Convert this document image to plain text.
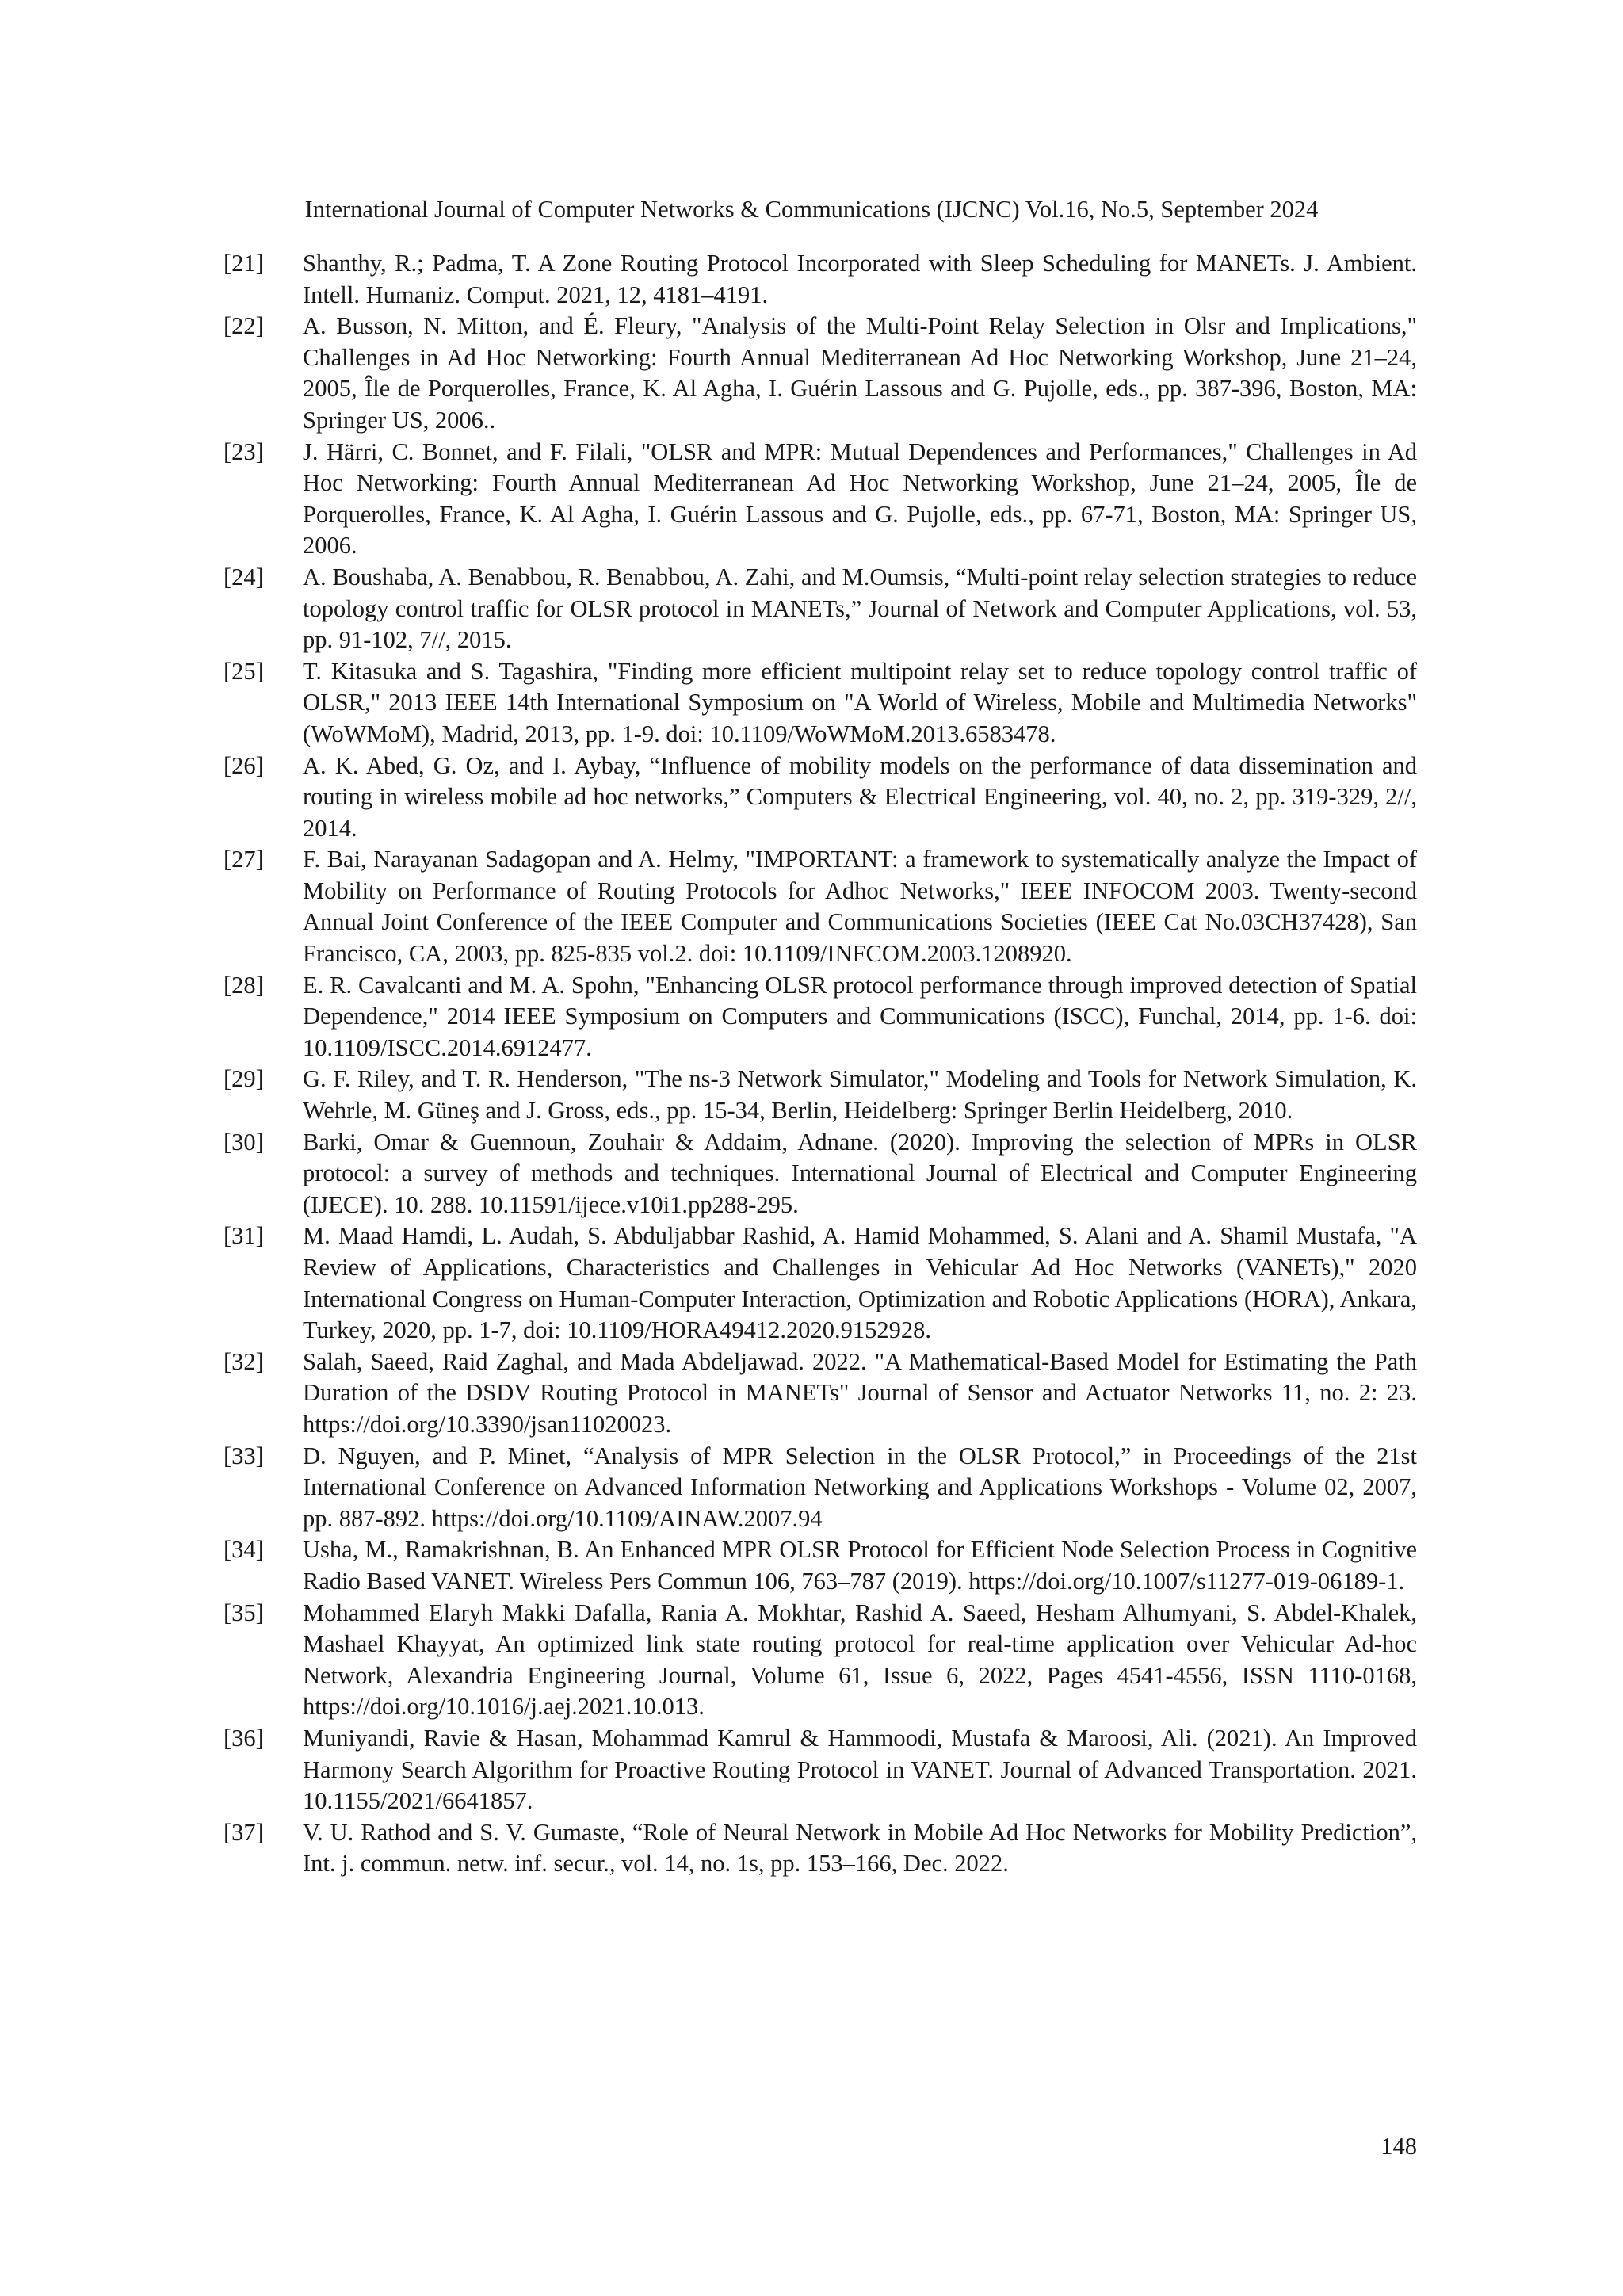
International Journal of Computer Networks & Communications (IJCNC) Vol.16, No.5, September 2024
[21]	Shanthy, R.; Padma, T. A Zone Routing Protocol Incorporated with Sleep Scheduling for MANETs. J. Ambient. Intell. Humaniz. Comput. 2021, 12, 4181–4191.
[22]	A. Busson, N. Mitton, and É. Fleury, "Analysis of the Multi-Point Relay Selection in Olsr and Implications," Challenges in Ad Hoc Networking: Fourth Annual Mediterranean Ad Hoc Networking Workshop, June 21–24, 2005, Île de Porquerolles, France, K. Al Agha, I. Guérin Lassous and G. Pujolle, eds., pp. 387-396, Boston, MA: Springer US, 2006..
[23]	J. Härri, C. Bonnet, and F. Filali, "OLSR and MPR: Mutual Dependences and Performances," Challenges in Ad Hoc Networking: Fourth Annual Mediterranean Ad Hoc Networking Workshop, June 21–24, 2005, Île de Porquerolles, France, K. Al Agha, I. Guérin Lassous and G. Pujolle, eds., pp. 67-71, Boston, MA: Springer US, 2006.
[24]	A. Boushaba, A. Benabbou, R. Benabbou, A. Zahi, and M.Oumsis, “Multi-point relay selection strategies to reduce topology control traffic for OLSR protocol in MANETs,” Journal of Network and Computer Applications, vol. 53, pp. 91-102, 7//, 2015.
[25]	T. Kitasuka and S. Tagashira, "Finding more efficient multipoint relay set to reduce topology control traffic of OLSR," 2013 IEEE 14th International Symposium on "A World of Wireless, Mobile and Multimedia Networks" (WoWMoM), Madrid, 2013, pp. 1-9. doi: 10.1109/WoWMoM.2013.6583478.
[26]	A. K. Abed, G. Oz, and I. Aybay, “Influence of mobility models on the performance of data dissemination and routing in wireless mobile ad hoc networks,” Computers & Electrical Engineering, vol. 40, no. 2, pp. 319-329, 2//, 2014.
[27]	F. Bai, Narayanan Sadagopan and A. Helmy, "IMPORTANT: a framework to systematically analyze the Impact of Mobility on Performance of Routing Protocols for Adhoc Networks," IEEE INFOCOM 2003. Twenty-second Annual Joint Conference of the IEEE Computer and Communications Societies (IEEE Cat No.03CH37428), San Francisco, CA, 2003, pp. 825-835 vol.2. doi: 10.1109/INFCOM.2003.1208920.
[28]	E. R. Cavalcanti and M. A. Spohn, "Enhancing OLSR protocol performance through improved detection of Spatial Dependence," 2014 IEEE Symposium on Computers and Communications (ISCC), Funchal, 2014, pp. 1-6. doi: 10.1109/ISCC.2014.6912477.
[29]	G. F. Riley, and T. R. Henderson, "The ns-3 Network Simulator," Modeling and Tools for Network Simulation, K. Wehrle, M. Güneş and J. Gross, eds., pp. 15-34, Berlin, Heidelberg: Springer Berlin Heidelberg, 2010.
[30]	Barki, Omar & Guennoun, Zouhair & Addaim, Adnane. (2020). Improving the selection of MPRs in OLSR protocol: a survey of methods and techniques. International Journal of Electrical and Computer Engineering (IJECE). 10. 288. 10.11591/ijece.v10i1.pp288-295.
[31]	M. Maad Hamdi, L. Audah, S. Abduljabbar Rashid, A. Hamid Mohammed, S. Alani and A. Shamil Mustafa, "A Review of Applications, Characteristics and Challenges in Vehicular Ad Hoc Networks (VANETs)," 2020 International Congress on Human-Computer Interaction, Optimization and Robotic Applications (HORA), Ankara, Turkey, 2020, pp. 1-7, doi: 10.1109/HORA49412.2020.9152928.
[32]	Salah, Saeed, Raid Zaghal, and Mada Abdeljawad. 2022. "A Mathematical-Based Model for Estimating the Path Duration of the DSDV Routing Protocol in MANETs" Journal of Sensor and Actuator Networks 11, no. 2: 23. https://doi.org/10.3390/jsan11020023.
[33]	D. Nguyen, and P. Minet, “Analysis of MPR Selection in the OLSR Protocol,” in Proceedings of the 21st International Conference on Advanced Information Networking and Applications Workshops - Volume 02, 2007, pp. 887-892. https://doi.org/10.1109/AINAW.2007.94
[34]	Usha, M., Ramakrishnan, B. An Enhanced MPR OLSR Protocol for Efficient Node Selection Process in Cognitive Radio Based VANET. Wireless Pers Commun 106, 763–787 (2019). https://doi.org/10.1007/s11277-019-06189-1.
[35]	Mohammed Elaryh Makki Dafalla, Rania A. Mokhtar, Rashid A. Saeed, Hesham Alhumyani, S. Abdel-Khalek, Mashael Khayyat, An optimized link state routing protocol for real-time application over Vehicular Ad-hoc Network, Alexandria Engineering Journal, Volume 61, Issue 6, 2022, Pages 4541-4556, ISSN 1110-0168, https://doi.org/10.1016/j.aej.2021.10.013.
[36]	Muniyandi, Ravie & Hasan, Mohammad Kamrul & Hammoodi, Mustafa & Maroosi, Ali. (2021). An Improved Harmony Search Algorithm for Proactive Routing Protocol in VANET. Journal of Advanced Transportation. 2021. 10.1155/2021/6641857.
[37]	V. U. Rathod and S. V. Gumaste, “Role of Neural Network in Mobile Ad Hoc Networks for Mobility Prediction”, Int. j. commun. netw. inf. secur., vol. 14, no. 1s, pp. 153–166, Dec. 2022.
148
